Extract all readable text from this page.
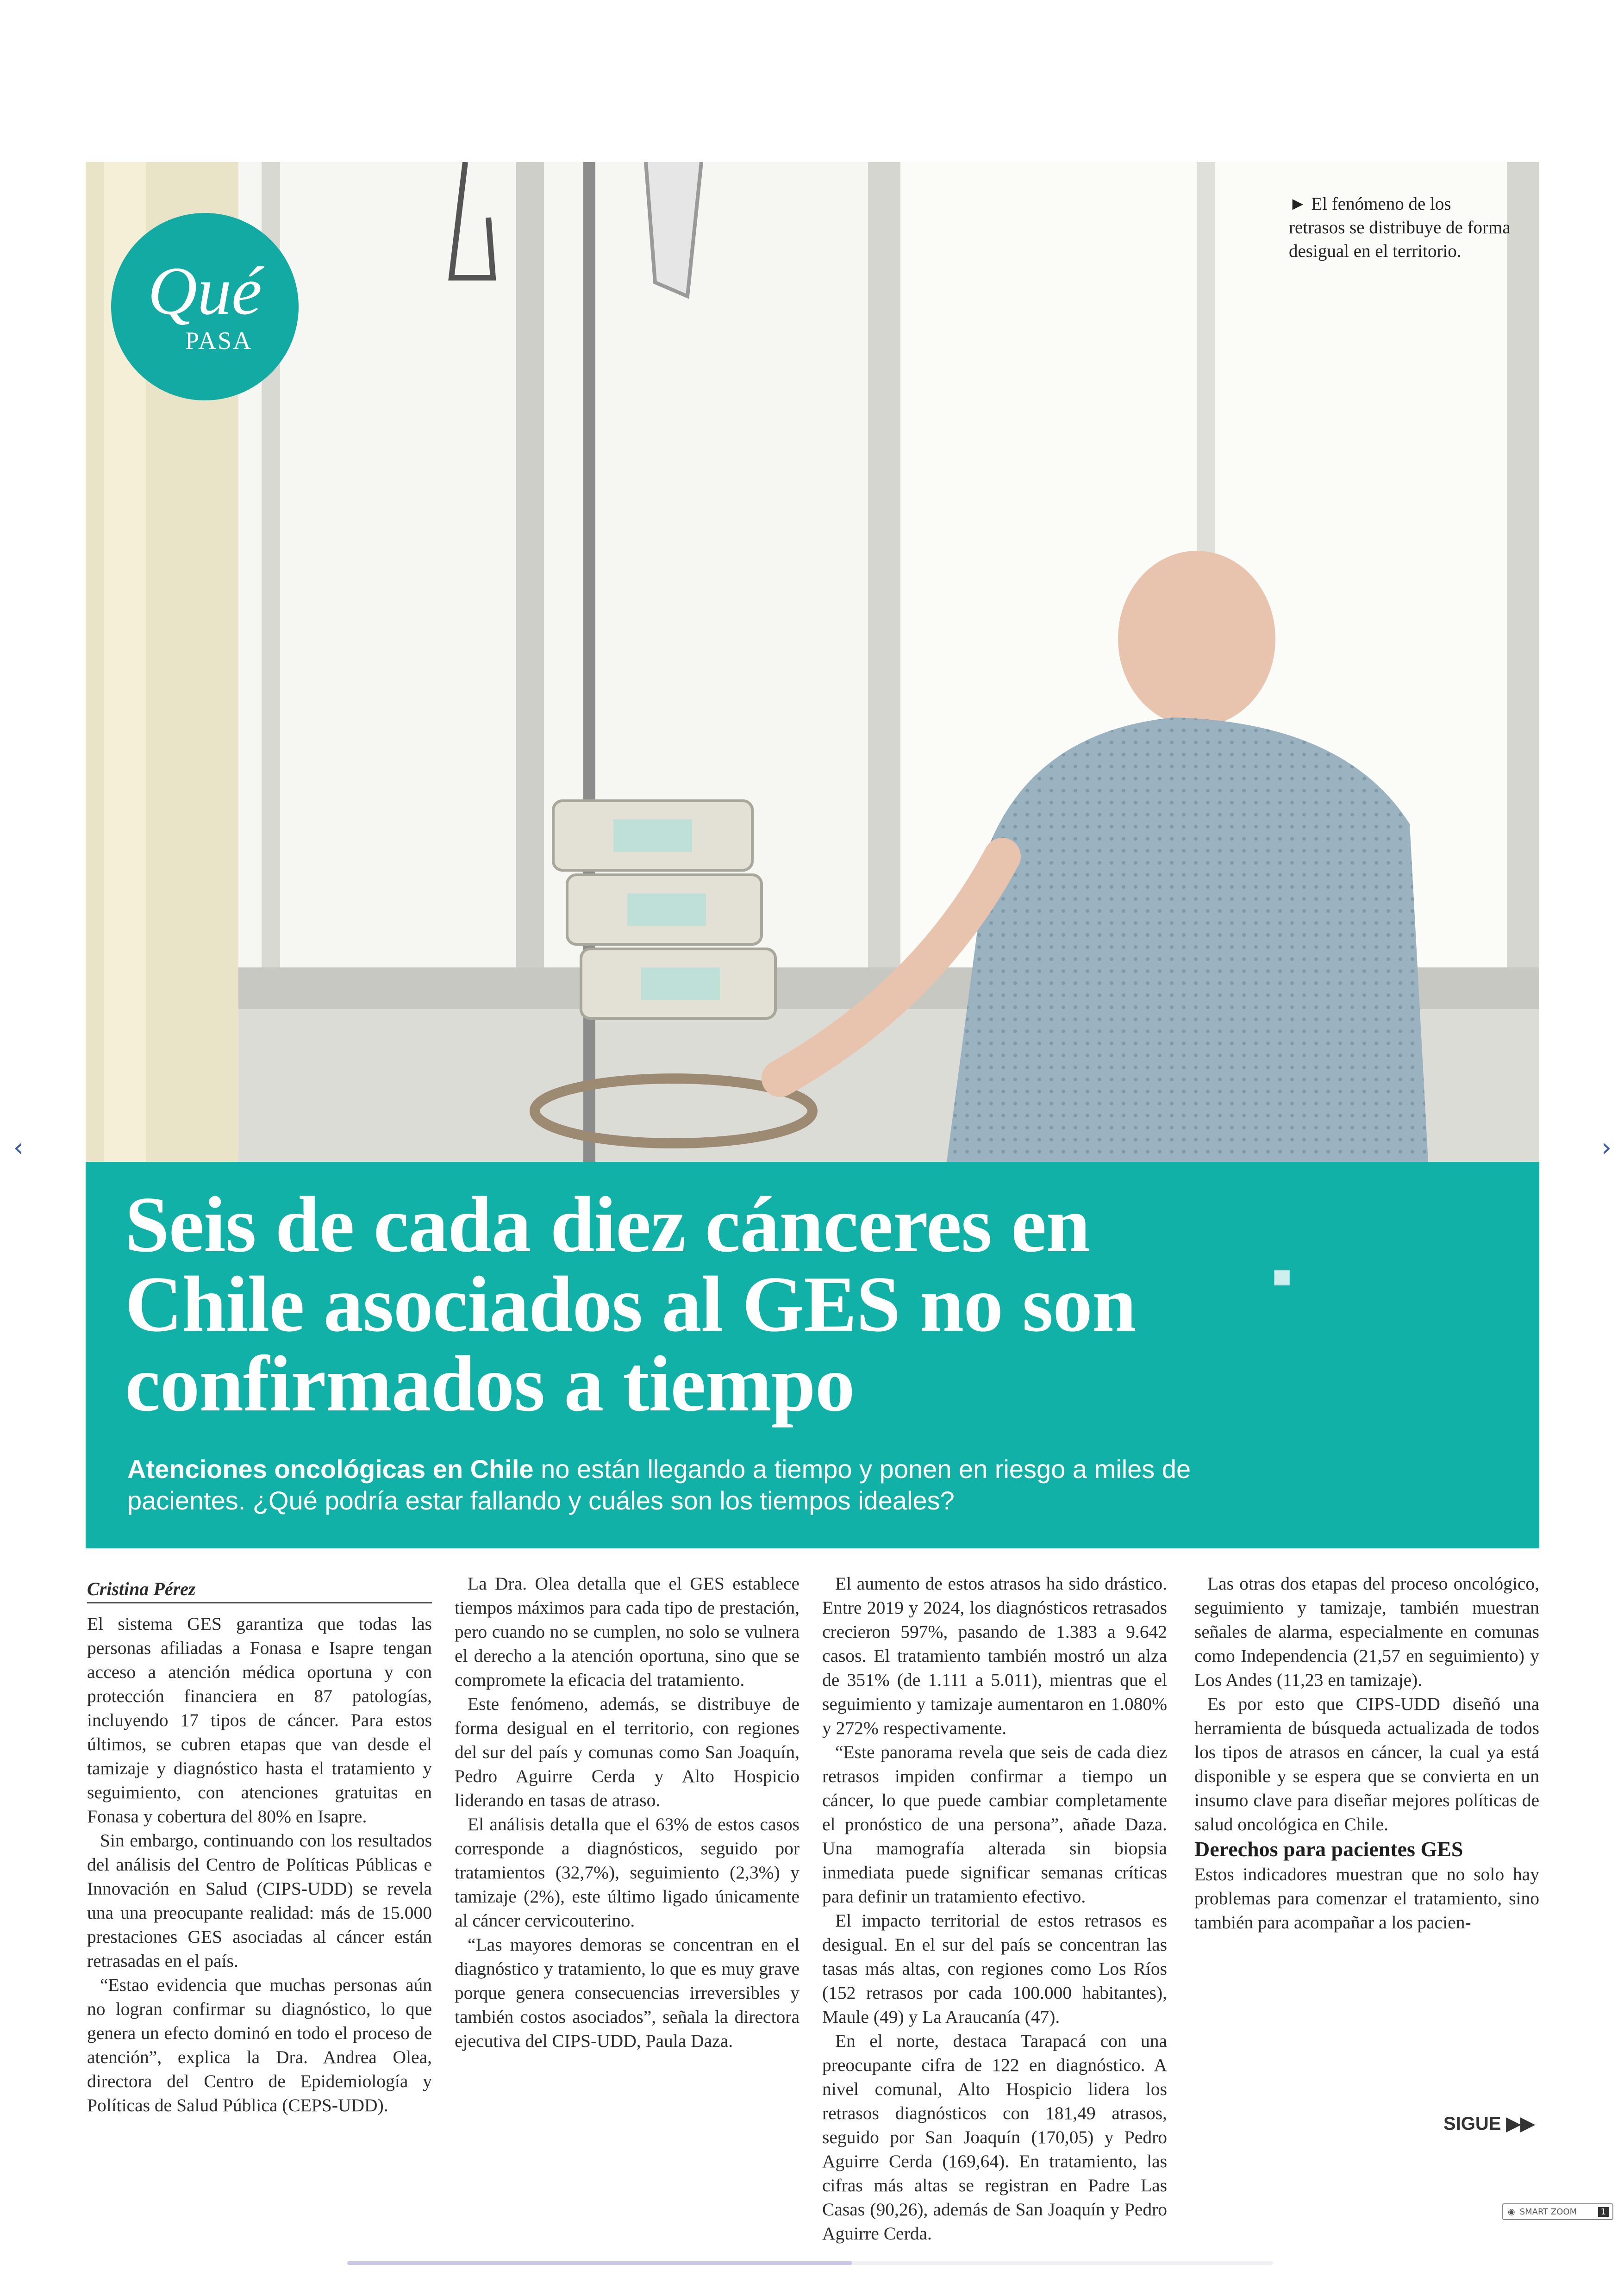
Qué
PASA
► El fenómeno de los retrasos se distribuye de forma desigual en el territorio.
Seis de cada diez cánceres en Chile asociados al GES no son confirmados a tiempo
Atenciones oncológicas en Chile no están llegando a tiempo y ponen en riesgo a miles de pacientes. ¿Qué podría estar fallando y cuáles son los tiempos ideales?
Cristina Pérez

El sistema GES garantiza que todas las personas afiliadas a Fonasa e Isapre tengan acceso a atención médica oportuna y con protección financiera en 87 patologías, incluyendo 17 tipos de cáncer. Para estos últimos, se cubren etapas que van desde el tamizaje y diagnóstico hasta el tratamiento y seguimiento, con atenciones gratuitas en Fonasa y cobertura del 80% en Isapre.

Sin embargo, continuando con los resultados del análisis del Centro de Políticas Públicas e Innovación en Salud (CIPS-UDD) se revela una una preocupante realidad: más de 15.000 prestaciones GES asociadas al cáncer están retrasadas en el país.

“Estao evidencia que muchas personas aún no logran confirmar su diagnóstico, lo que genera un efecto dominó en todo el proceso de atención”, explica la Dra. Andrea Olea, directora del Centro de Epidemiología y Políticas de Salud Pública (CEPS-UDD).

La Dra. Olea detalla que el GES establece tiempos máximos para cada tipo de prestación, pero cuando no se cumplen, no solo se vulnera el derecho a la atención oportuna, sino que se compromete la eficacia del tratamiento.

Este fenómeno, además, se distribuye de forma desigual en el territorio, con regiones del sur del país y comunas como San Joaquín, Pedro Aguirre Cerda y Alto Hospicio liderando en tasas de atraso.

El análisis detalla que el 63% de estos casos corresponde a diagnósticos, seguido por tratamientos (32,7%), seguimiento (2,3%) y tamizaje (2%), este último ligado únicamente al cáncer cervicouterino.

“Las mayores demoras se concentran en el diagnóstico y tratamiento, lo que es muy grave porque genera consecuencias irreversibles y también costos asociados”, señala la directora ejecutiva del CIPS-UDD, Paula Daza.

El aumento de estos atrasos ha sido drástico. Entre 2019 y 2024, los diagnósticos retrasados crecieron 597%, pasando de 1.383 a 9.642 casos. El tratamiento también mostró un alza de 351% (de 1.111 a 5.011), mientras que el seguimiento y tamizaje aumentaron en 1.080% y 272% respectivamente.

“Este panorama revela que seis de cada diez retrasos impiden confirmar a tiempo un cáncer, lo que puede cambiar completamente el pronóstico de una persona”, añade Daza. Una mamografía alterada sin biopsia inmediata puede significar semanas críticas para definir un tratamiento efectivo.

El impacto territorial de estos retrasos es desigual. En el sur del país se concentran las tasas más altas, con regiones como Los Ríos (152 retrasos por cada 100.000 habitantes), Maule (49) y La Araucanía (47).

En el norte, destaca Tarapacá con una preocupante cifra de 122 en diagnóstico. A nivel comunal, Alto Hospicio lidera los retrasos diagnósticos con 181,49 atrasos, seguido por San Joaquín (170,05) y Pedro Aguirre Cerda (169,64). En tratamiento, las cifras más altas se registran en Padre Las Casas (90,26), además de San Joaquín y Pedro Aguirre Cerda.

Las otras dos etapas del proceso oncológico, seguimiento y tamizaje, también muestran señales de alarma, especialmente en comunas como Independencia (21,57 en seguimiento) y Los Andes (11,23 en tamizaje).

Es por esto que CIPS-UDD diseñó una herramienta de búsqueda actualizada de todos los tipos de atrasos en cáncer, la cual ya está disponible y se espera que se convierta en un insumo clave para diseñar mejores políticas de salud oncológica en Chile.

Derechos para pacientes GES

Estos indicadores muestran que no solo hay problemas para comenzar el tratamiento, sino también para acompañar a los pacien-

SIGUE ▶▶
‹	›
◉ SMART ZOOM	1
